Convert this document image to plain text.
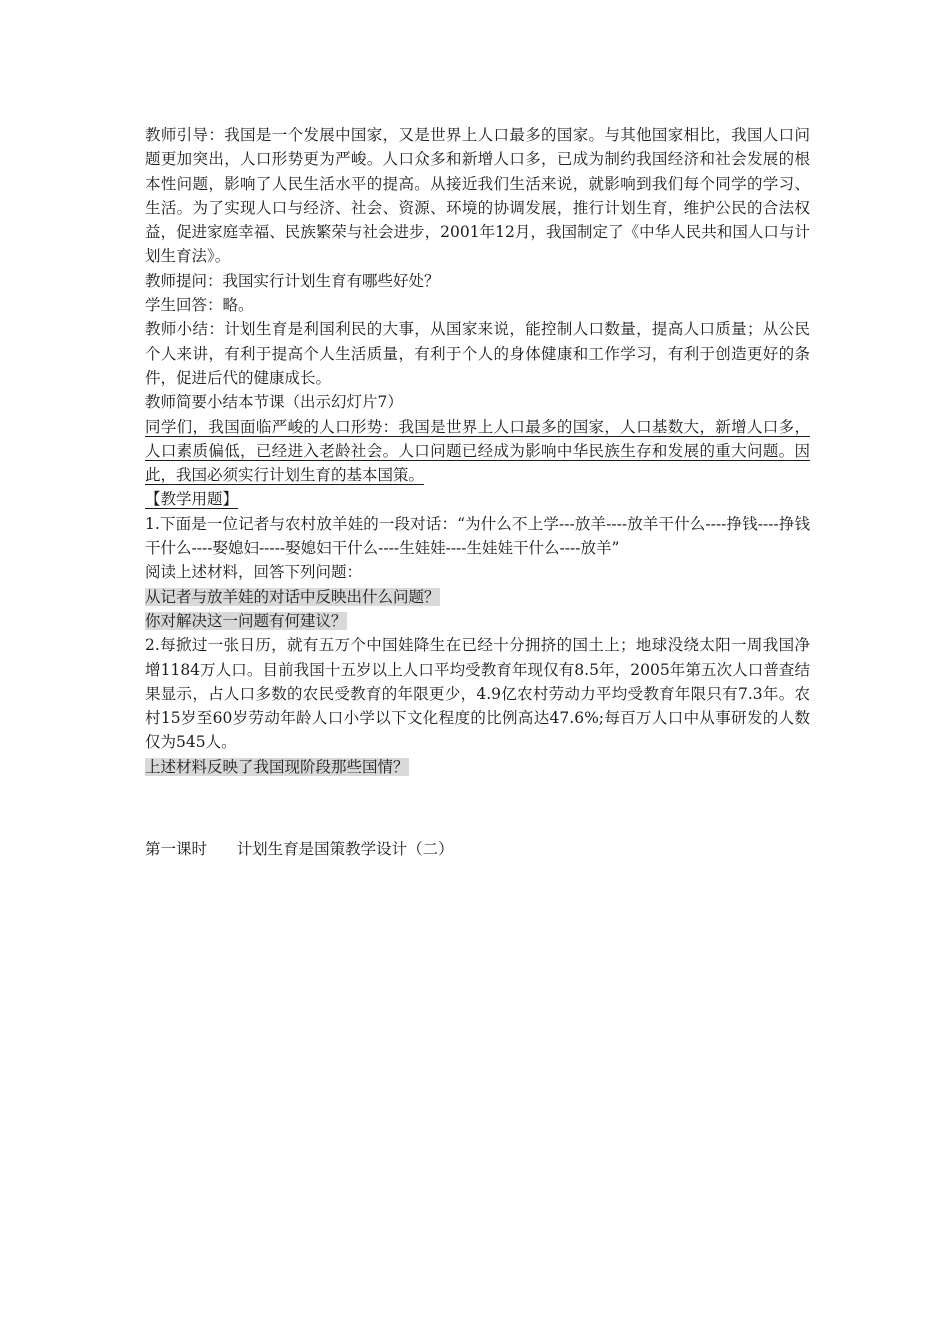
教师引导：我国是一个发展中国家，又是世界上人口最多的国家。与其他国家相比，我国人口问题更加突出，人口形势更为严峻。人口众多和新增人口多，已成为制约我国经济和社会发展的根本性问题，影响了人民生活水平的提高。从接近我们生活来说，就影响到我们每个同学的学习、生活。为了实现人口与经济、社会、资源、环境的协调发展，推行计划生育，维护公民的合法权益，促进家庭幸福、民族繁荣与社会进步，2001年12月，我国制定了《中华人民共和国人口与计划生育法》。

教师提问：我国实行计划生育有哪些好处？

学生回答：略。

教师小结：计划生育是利国利民的大事，从国家来说，能控制人口数量，提高人口质量；从公民个人来讲，有利于提高个人生活质量，有利于个人的身体健康和工作学习，有利于创造更好的条件，促进后代的健康成长。

教师简要小结本节课（出示幻灯片7）

同学们，我国面临严峻的人口形势：我国是世界上人口最多的国家，人口基数大，新增人口多，人口素质偏低，已经进入老龄社会。人口问题已经成为影响中华民族生存和发展的重大问题。因此，我国必须实行计划生育的基本国策。

【教学用题】

1.下面是一位记者与农村放羊娃的一段对话：“为什么不上学---放羊----放羊干什么----挣钱----挣钱干什么----娶媳妇-----娶媳妇干什么----生娃娃----生娃娃干什么----放羊”

阅读上述材料，回答下列问题：

从记者与放羊娃的对话中反映出什么问题？

你对解决这一问题有何建议？

2.每掀过一张日历，就有五万个中国娃降生在已经十分拥挤的国土上；地球没绕太阳一周我国净增1184万人口。目前我国十五岁以上人口平均受教育年现仅有8.5年，2005年第五次人口普查结果显示，占人口多数的农民受教育的年限更少，4.9亿农村劳动力平均受教育年限只有7.3年。农村15岁至60岁劳动年龄人口小学以下文化程度的比例高达47.6%;每百万人口中从事研发的人数仅为545人。

上述材料反映了我国现阶段那些国情？

第一课时 计划生育是国策教学设计（二）
